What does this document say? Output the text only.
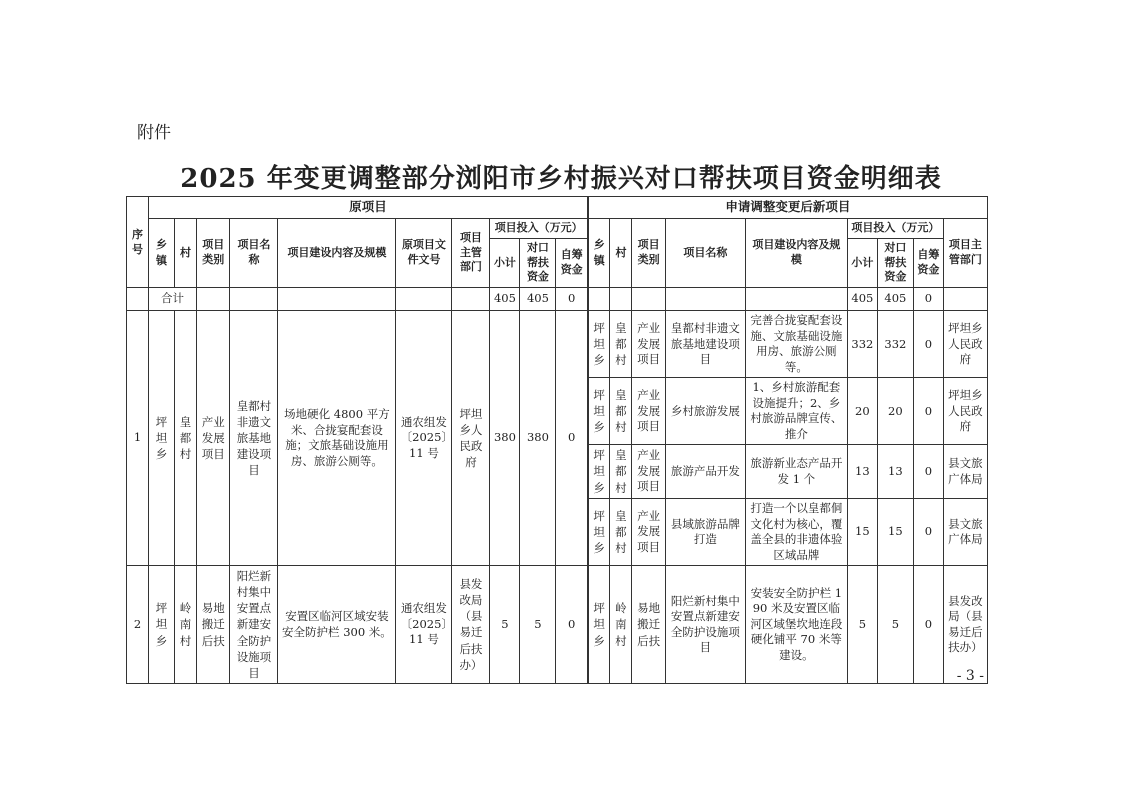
附件
2025 年变更调整部分浏阳市乡村振兴对口帮扶项目资金明细表
序号	原项目										申请调整变更后新项目								
	乡镇	村	项目类别	项目名称	项目建设内容及规模	原项目文件文号	项目主管部门	项目投入（万元）			乡镇	村	项目类别	项目名称	项目建设内容及规模	项目投入（万元）			项目主管部门
								小计	对口帮扶资金	自筹资金						小计	对口帮扶资金	自筹资金	
	合计							405	405	0						405	405	0	
1	坪坦乡	皇都村	产业发展项目	皇都村非遗文旅基地建设项目	场地硬化 4800 平方米、合拢宴配套设施；文旅基础设施用房、旅游公厕等。	通农组发〔2025〕11 号	坪坦乡人民政府	380	380	0	坪坦乡	皇都村	产业发展项目	皇都村非遗文旅基地建设项目	完善合拢宴配套设施、文旅基础设施用房、旅游公厕等。	332	332	0	坪坦乡人民政府
											坪坦乡	皇都村	产业发展项目	乡村旅游发展	1、乡村旅游配套设施提升；2、乡村旅游品牌宣传、推介	20	20	0	坪坦乡人民政府
											坪坦乡	皇都村	产业发展项目	旅游产品开发	旅游新业态产品开发 1 个	13	13	0	县文旅广体局
											坪坦乡	皇都村	产业发展项目	县域旅游品牌打造	打造一个以皇都侗文化村为核心，覆盖全县的非遗体验区域品牌	15	15	0	县文旅广体局
2	坪坦乡	岭南村	易地搬迁后扶	阳烂新村集中安置点新建安全防护设施项目	安置区临河区域安装安全防护栏 300 米。	通农组发〔2025〕11 号	县发改局（县易迁后扶办）	5	5	0	坪坦乡	岭南村	易地搬迁后扶	阳烂新村集中安置点新建安全防护设施项目	安装安全防护栏 190 米及安置区临河区域堡坎地连段硬化铺平 70 米等建设。	5	5	0	县发改局（县易迁后扶办）
- 3 -
